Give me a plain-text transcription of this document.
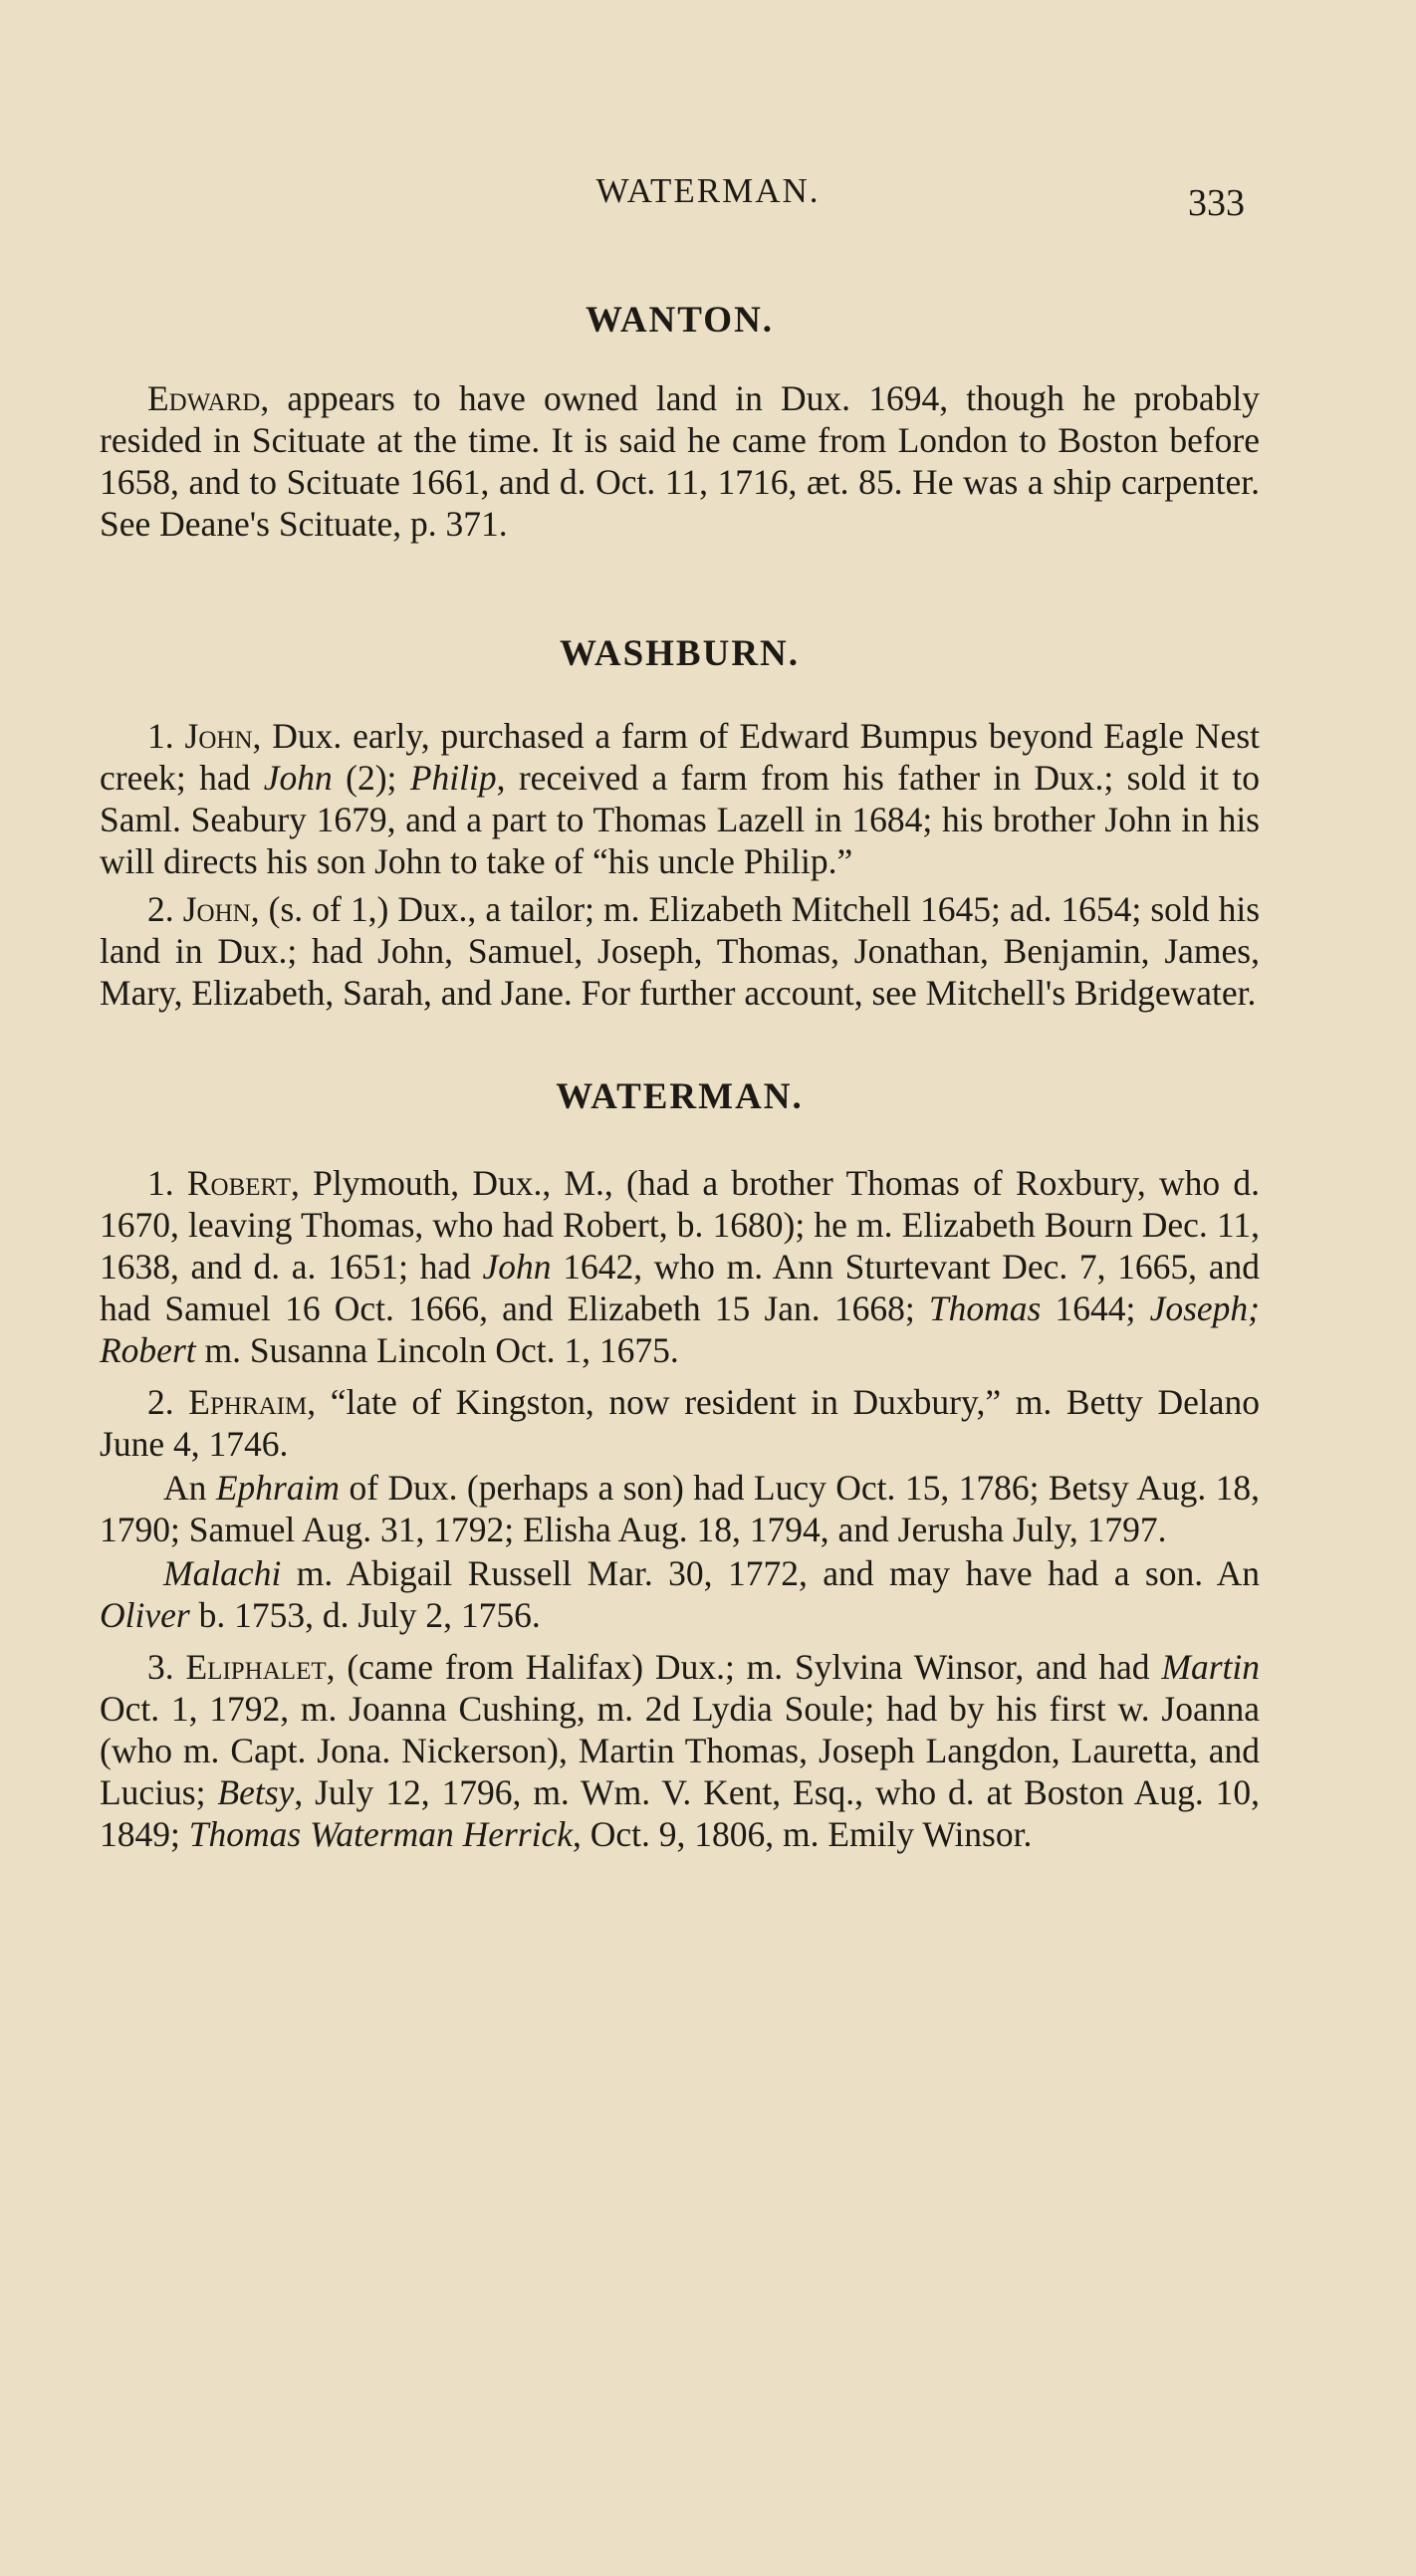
WATERMAN.	333
WANTON.

Edward, appears to have owned land in Dux. 1694, though he probably resided in Scituate at the time. It is said he came from London to Boston before 1658, and to Scituate 1661, and d. Oct. 11, 1716, æt. 85. He was a ship carpenter. See Deane's Scituate, p. 371.

WASHBURN.

1. John, Dux. early, purchased a farm of Edward Bumpus beyond Eagle Nest creek; had John (2); Philip, received a farm from his father in Dux.; sold it to Saml. Seabury 1679, and a part to Thomas Lazell in 1684; his brother John in his will directs his son John to take of “his uncle Philip.”

2. John, (s. of 1,) Dux., a tailor; m. Elizabeth Mitchell 1645; ad. 1654; sold his land in Dux.; had John, Samuel, Joseph, Thomas, Jonathan, Benjamin, James, Mary, Elizabeth, Sarah, and Jane. For further account, see Mitchell's Bridgewater.

WATERMAN.

1. Robert, Plymouth, Dux., M., (had a brother Thomas of Roxbury, who d. 1670, leaving Thomas, who had Robert, b. 1680); he m. Elizabeth Bourn Dec. 11, 1638, and d. a. 1651; had John 1642, who m. Ann Sturtevant Dec. 7, 1665, and had Samuel 16 Oct. 1666, and Elizabeth 15 Jan. 1668; Thomas 1644; Joseph; Robert m. Susanna Lincoln Oct. 1, 1675.

2. Ephraim, “late of Kingston, now resident in Duxbury,” m. Betty Delano June 4, 1746.

An Ephraim of Dux. (perhaps a son) had Lucy Oct. 15, 1786; Betsy Aug. 18, 1790; Samuel Aug. 31, 1792; Elisha Aug. 18, 1794, and Jerusha July, 1797.

Malachi m. Abigail Russell Mar. 30, 1772, and may have had a son. An Oliver b. 1753, d. July 2, 1756.

3. Eliphalet, (came from Halifax) Dux.; m. Sylvina Winsor, and had Martin Oct. 1, 1792, m. Joanna Cushing, m. 2d Lydia Soule; had by his first w. Joanna (who m. Capt. Jona. Nickerson), Martin Thomas, Joseph Langdon, Lauretta, and Lucius; Betsy, July 12, 1796, m. Wm. V. Kent, Esq., who d. at Boston Aug. 10, 1849; Thomas Waterman Herrick, Oct. 9, 1806, m. Emily Winsor.
